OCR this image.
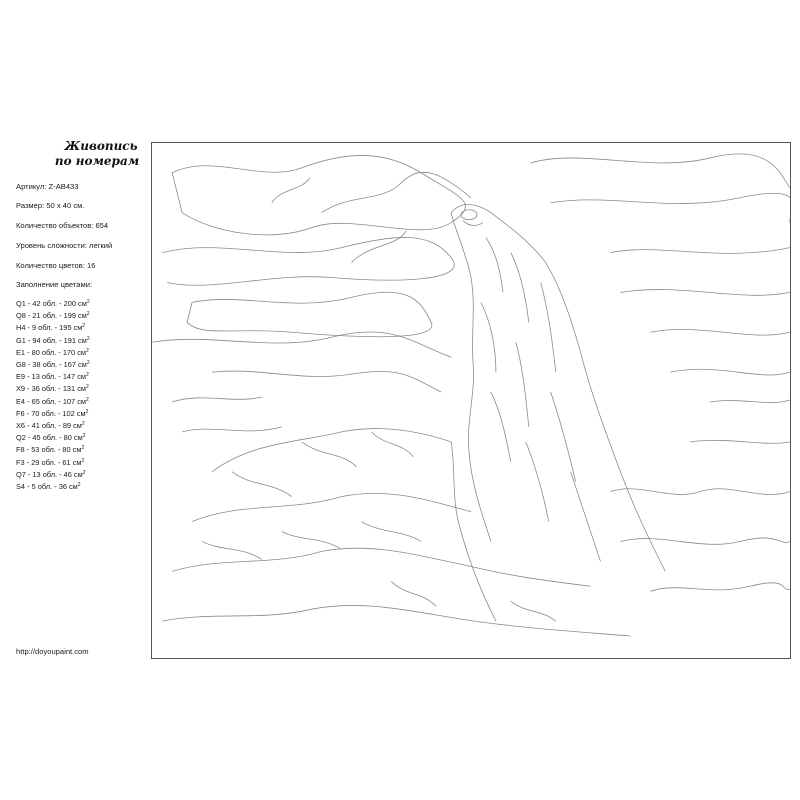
Живопись
по номерам
Артикул: Z-AB433
Размер: 50 х 40 см.
Количество объектов: 654
Уровень сложности: легкий
Количество цветов: 16
Заполнение цветами:
Q1 - 42 обл. - 200 $см^2$
Q8 - 21 обл. - 199 $см^2$
H4 - 9 обл. - 195 $см^2$
G1 - 94 обл. - 191 $см^2$
E1 - 80 обл. - 170 $см^2$
G8 - 38 обл. - 167 $см^2$
E9 - 13 обл. - 147 $см^2$
X9 - 36 обл. - 131 $см^2$
E4 - 65 обл. - 107 $см^2$
F6 - 70 обл. - 102 $см^2$
X6 - 41 обл. - 89 $см^2$
Q2 - 45 обл. - 80 $см^2$
F8 - 53 обл. - 80 $см^2$
F3 - 29 обл. - 61 $см^2$
Q7 - 13 обл. - 46 $см^2$
S4 - 5 обл. - 36 $см^2$
http://doyoupaint.com
